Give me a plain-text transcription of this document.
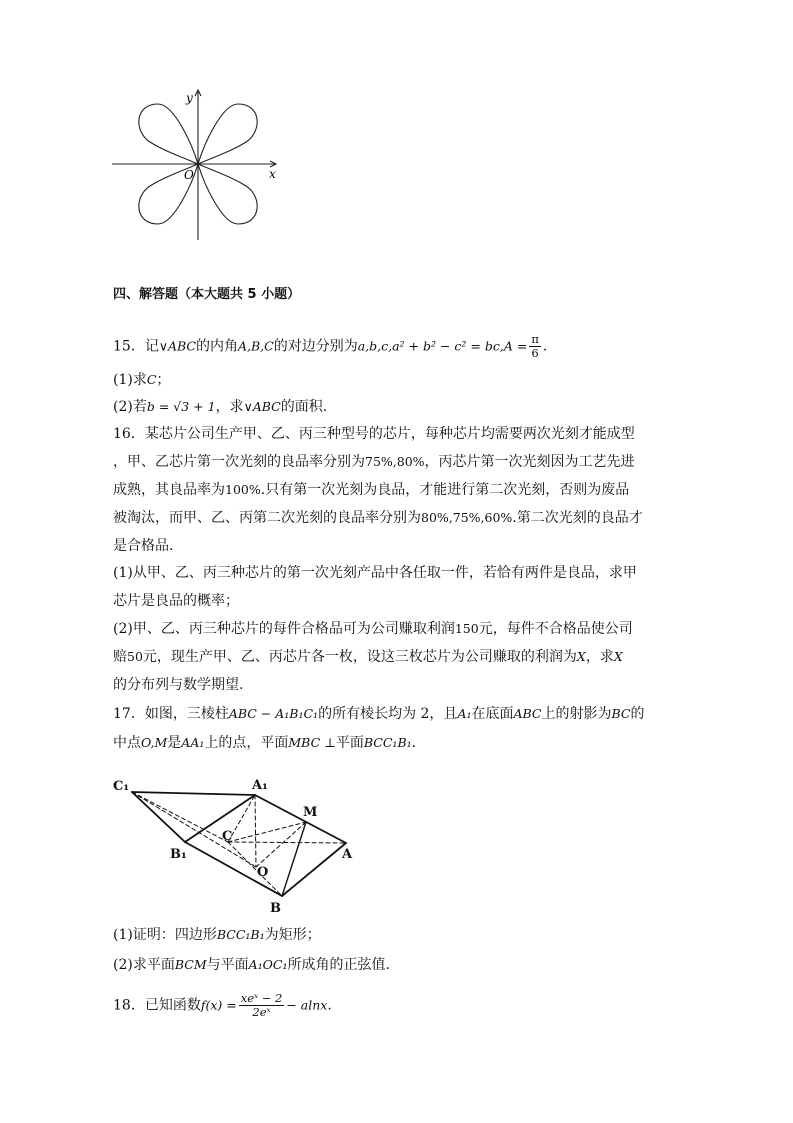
y
x
O
四、解答题（本大题共 5 小题）
15．记∨ABC的内角A,B,C的对边分别为$a,b,c,a^2 + b^2 - c^2 = bc,A = \frac{\pi}{6}$ .
(1)求C；
(2)若b = √3 + 1，求∨ABC的面积.
16．某芯片公司生产甲、乙、丙三种型号的芯片，每种芯片均需要两次光刻才能成型
，甲、乙芯片第一次光刻的良品率分别为75%,80%，丙芯片第一次光刻因为工艺先进
成熟，其良品率为100%.只有第一次光刻为良品，才能进行第二次光刻，否则为废品
被淘汰，而甲、乙、丙第二次光刻的良品率分别为80%,75%,60%.第二次光刻的良品才
是合格品.
(1)从甲、乙、丙三种芯片的第一次光刻产品中各任取一件，若恰有两件是良品，求甲
芯片是良品的概率；
(2)甲、乙、丙三种芯片的每件合格品可为公司赚取利润150元，每件不合格品使公司
赔50元，现生产甲、乙、丙芯片各一枚，设这三枚芯片为公司赚取的利润为X，求X
的分布列与数学期望.
17．如图，三棱柱ABC − A₁B₁C₁的所有棱长均为 2，且A₁在底面ABC上的射影为BC的
中点O,M是AA₁上的点，平面MBC ⊥平面BCC₁B₁.
C₁	A₁
M
C
B₁
O
A
B
(1)证明：四边形BCC₁B₁为矩形；
(2)求平面BCM与平面A₁OC₁所成角的正弦值.
18．已知函数$f(x) = \frac{\text{xeˣ − 2}}{\text{2eˣ}} - alnx$.
